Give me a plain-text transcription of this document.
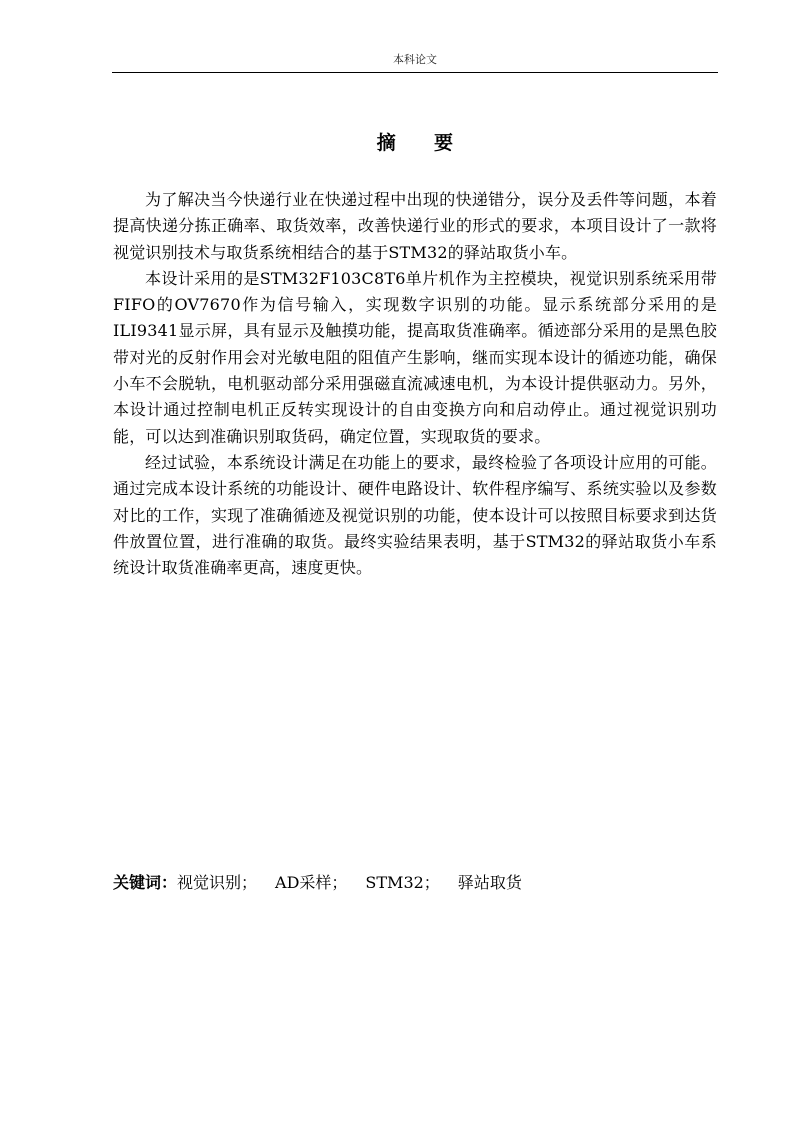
本科论文
摘 要

为了解决当今快递行业在快递过程中出现的快递错分，误分及丢件等问题，本着提高快递分拣正确率、取货效率，改善快递行业的形式的要求，本项目设计了一款将视觉识别技术与取货系统相结合的基于STM32的驿站取货小车。

本设计采用的是STM32F103C8T6单片机作为主控模块，视觉识别系统采用带FIFO的OV7670作为信号输入，实现数字识别的功能。显示系统部分采用的是ILI9341显示屏，具有显示及触摸功能，提高取货准确率。循迹部分采用的是黑色胶带对光的反射作用会对光敏电阻的阻值产生影响，继而实现本设计的循迹功能，确保小车不会脱轨，电机驱动部分采用强磁直流减速电机，为本设计提供驱动力。另外，本设计通过控制电机正反转实现设计的自由变换方向和启动停止。通过视觉识别功能，可以达到准确识别取货码，确定位置，实现取货的要求。

经过试验，本系统设计满足在功能上的要求，最终检验了各项设计应用的可能。通过完成本设计系统的功能设计、硬件电路设计、软件程序编写、系统实验以及参数对比的工作，实现了准确循迹及视觉识别的功能，使本设计可以按照目标要求到达货件放置位置，进行准确的取货。最终实验结果表明，基于STM32的驿站取货小车系统设计取货准确率更高，速度更快。

关键词：视觉识别； AD采样； STM32； 驿站取货
